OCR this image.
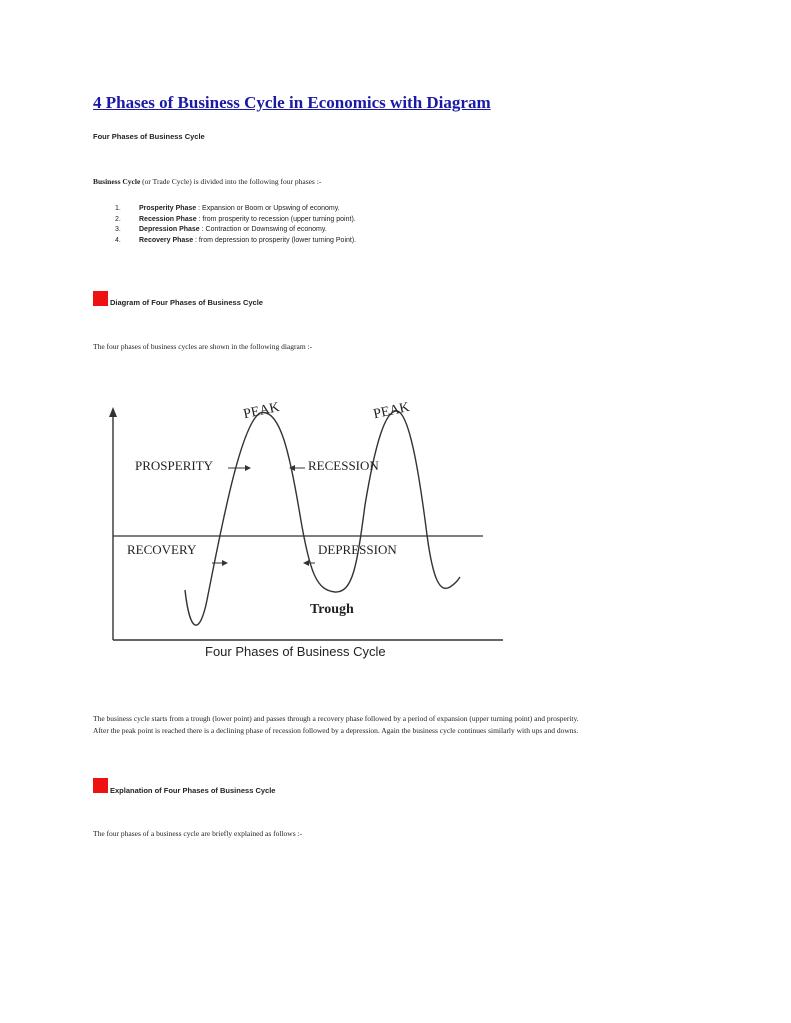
4 Phases of Business Cycle in Economics with Diagram
Four Phases of Business Cycle
Business Cycle (or Trade Cycle) is divided into the following four phases :-
1.	Prosperity Phase : Expansion or Boom or Upswing of economy.
2.	Recession Phase : from prosperity to recession (upper turning point).
3.	Depression Phase : Contraction or Downswing of economy.
4.	Recovery Phase : from depression to prosperity (lower turning Point).
Diagram of Four Phases of Business Cycle
The four phases of business cycles are shown in the following diagram :-
PEAK	PEAK
PROSPERITY	RECESSION
RECOVERY	DEPRESSION
Trough
Four Phases of Business Cycle
The business cycle starts from a trough (lower point) and passes through a recovery phase followed by a period of expansion (upper turning point) and prosperity.
After the peak point is reached there is a declining phase of recession followed by a depression. Again the business cycle continues similarly with ups and downs.
Explanation of Four Phases of Business Cycle
The four phases of a business cycle are briefly explained as follows :-
